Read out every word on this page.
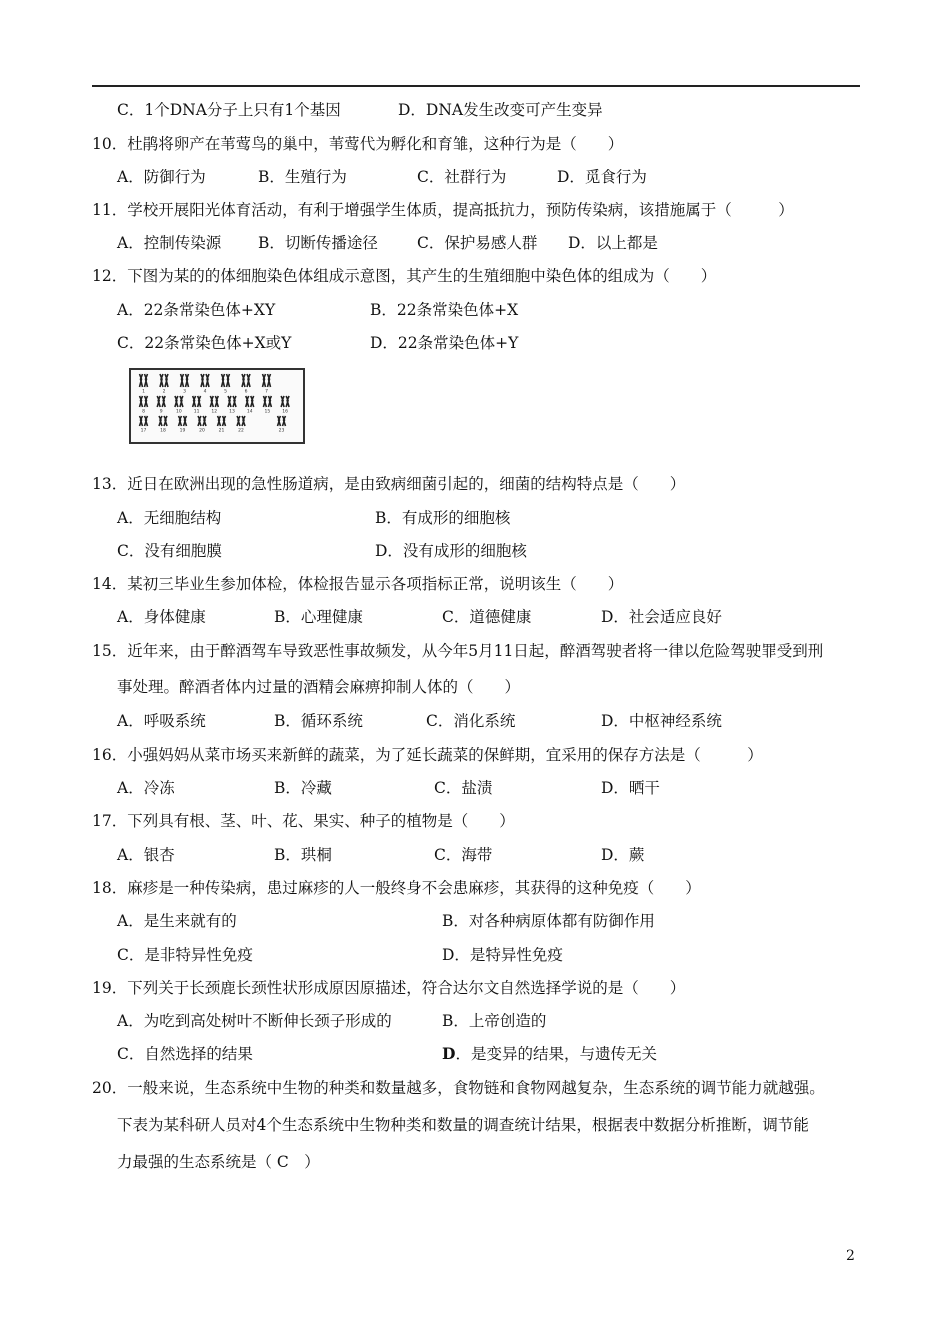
C．1个DNA分子上只有1个基因	D．DNA发生改变可产生变异
10．杜鹃将卵产在苇莺鸟的巢中，苇莺代为孵化和育雏，这种行为是（　　）
A．防御行为	B．生殖行为	C．社群行为	D．觅食行为
11．学校开展阳光体育活动，有利于增强学生体质，提高抵抗力，预防传染病，该措施属于（　　　）
A．控制传染源 B．切断传播途径	C．保护易感人群 D．以上都是
12．下图为某的的体细胞染色体组成示意图，其产生的生殖细胞中染色体的组成为（　　）
A．22条常染色体+XY	B．22条常染色体+X
C．22条常染色体+X或Y	D．22条常染色体+Y
13．近日在欧洲出现的急性肠道病，是由致病细菌引起的，细菌的结构特点是（　　）
A．无细胞结构	B．有成形的细胞核
C．没有细胞膜	D．没有成形的细胞核
14．某初三毕业生参加体检，体检报告显示各项指标正常，说明该生（　　）
A．身体健康	B．心理健康	C．道德健康	D．社会适应良好
15．近年来，由于醉酒驾车导致恶性事故频发，从今年5月11日起，醉酒驾驶者将一律以危险驾驶罪受到刑
事处理。醉酒者体内过量的酒精会麻痹抑制人体的（　　）
A．呼吸系统	B．循环系统	C．消化系统	D．中枢神经系统
16．小强妈妈从菜市场买来新鲜的蔬菜，为了延长蔬菜的保鲜期，宜采用的保存方法是（　　　）
A．冷冻	B．冷藏	C．盐渍	D．晒干
17．下列具有根、茎、叶、花、果实、种子的植物是（　　）
A．银杏	B．珙桐	C．海带	D．蕨
18．麻疹是一种传染病，患过麻疹的人一般终身不会患麻疹，其获得的这种免疫（　　）
A．是生来就有的	B．对各种病原体都有防御作用
C．是非特异性免疫	D．是特异性免疫
19．下列关于长颈鹿长颈性状形成原因原描述，符合达尔文自然选择学说的是（　　）
A．为吃到高处树叶不断伸长颈子形成的	B．上帝创造的
C．自然选择的结果	D．是变异的结果，与遗传无关
20．一般来说，生态系统中生物的种类和数量越多，食物链和食物网越复杂，生态系统的调节能力就越强。
下表为某科研人员对4个生态系统中生物种类和数量的调查统计结果，根据表中数据分析推断，调节能
力最强的生态系统是（ C　）
1	2	3	4	5	6	7
8	9	10	11	12	13	14	15	16
17	18	19	20	21	22	23
2
